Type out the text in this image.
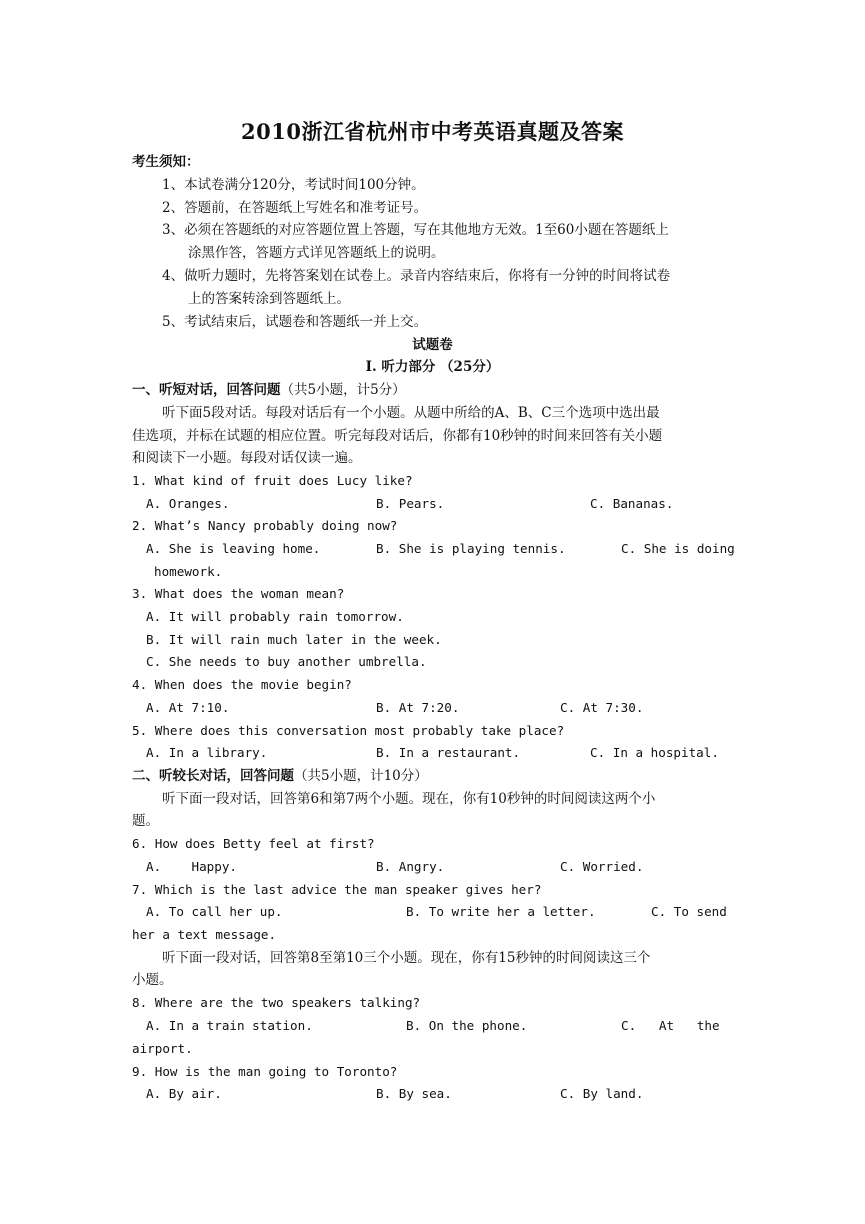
2010浙江省杭州市中考英语真题及答案
考生须知：
1、本试卷满分120分，考试时间100分钟。
2、答题前，在答题纸上写姓名和准考证号。
3、必须在答题纸的对应答题位置上答题，写在其他地方无效。1至60小题在答题纸上
涂黑作答，答题方式详见答题纸上的说明。
4、做听力题时，先将答案划在试卷上。录音内容结束后，你将有一分钟的时间将试卷
上的答案转涂到答题纸上。
5、考试结束后，试题卷和答题纸一并上交。
试题卷
I. 听力部分 （25分）
一、听短对话，回答问题（共5小题，计5分）
听下面5段对话。每段对话后有一个小题。从题中所给的A、B、C三个选项中选出最
佳选项，并标在试题的相应位置。听完每段对话后，你都有10秒钟的时间来回答有关小题
和阅读下一小题。每段对话仅读一遍。
1. What kind of fruit does Lucy like?
A. Oranges.	B. Pears.	C. Bananas.
2. What’s Nancy probably doing now?
A. She is leaving home.	B. She is playing tennis.	C. She is doing
homework.
3. What does the woman mean?
A. It will probably rain tomorrow.
B. It will rain much later in the week.
C. She needs to buy another umbrella.
4. When does the movie begin?
A. At 7:10.	B. At 7:20.	C. At 7:30.
5. Where does this conversation most probably take place?
A. In a library.	B. In a restaurant.	C. In a hospital.
二、听较长对话，回答问题（共5小题，计10分）
听下面一段对话，回答第6和第7两个小题。现在，你有10秒钟的时间阅读这两个小
题。
6. How does Betty feel at first?
A.    Happy.	B. Angry.	C. Worried.
7. Which is the last advice the man speaker gives her?
A. To call her up.	B. To write her a letter.	C. To send
her a text message.
听下面一段对话，回答第8至第10三个小题。现在，你有15秒钟的时间阅读这三个
小题。
8. Where are the two speakers talking?
A. In a train station.	B. On the phone.	C.   At   the
airport.
9. How is the man going to Toronto?
A. By air.	B. By sea.	C. By land.
